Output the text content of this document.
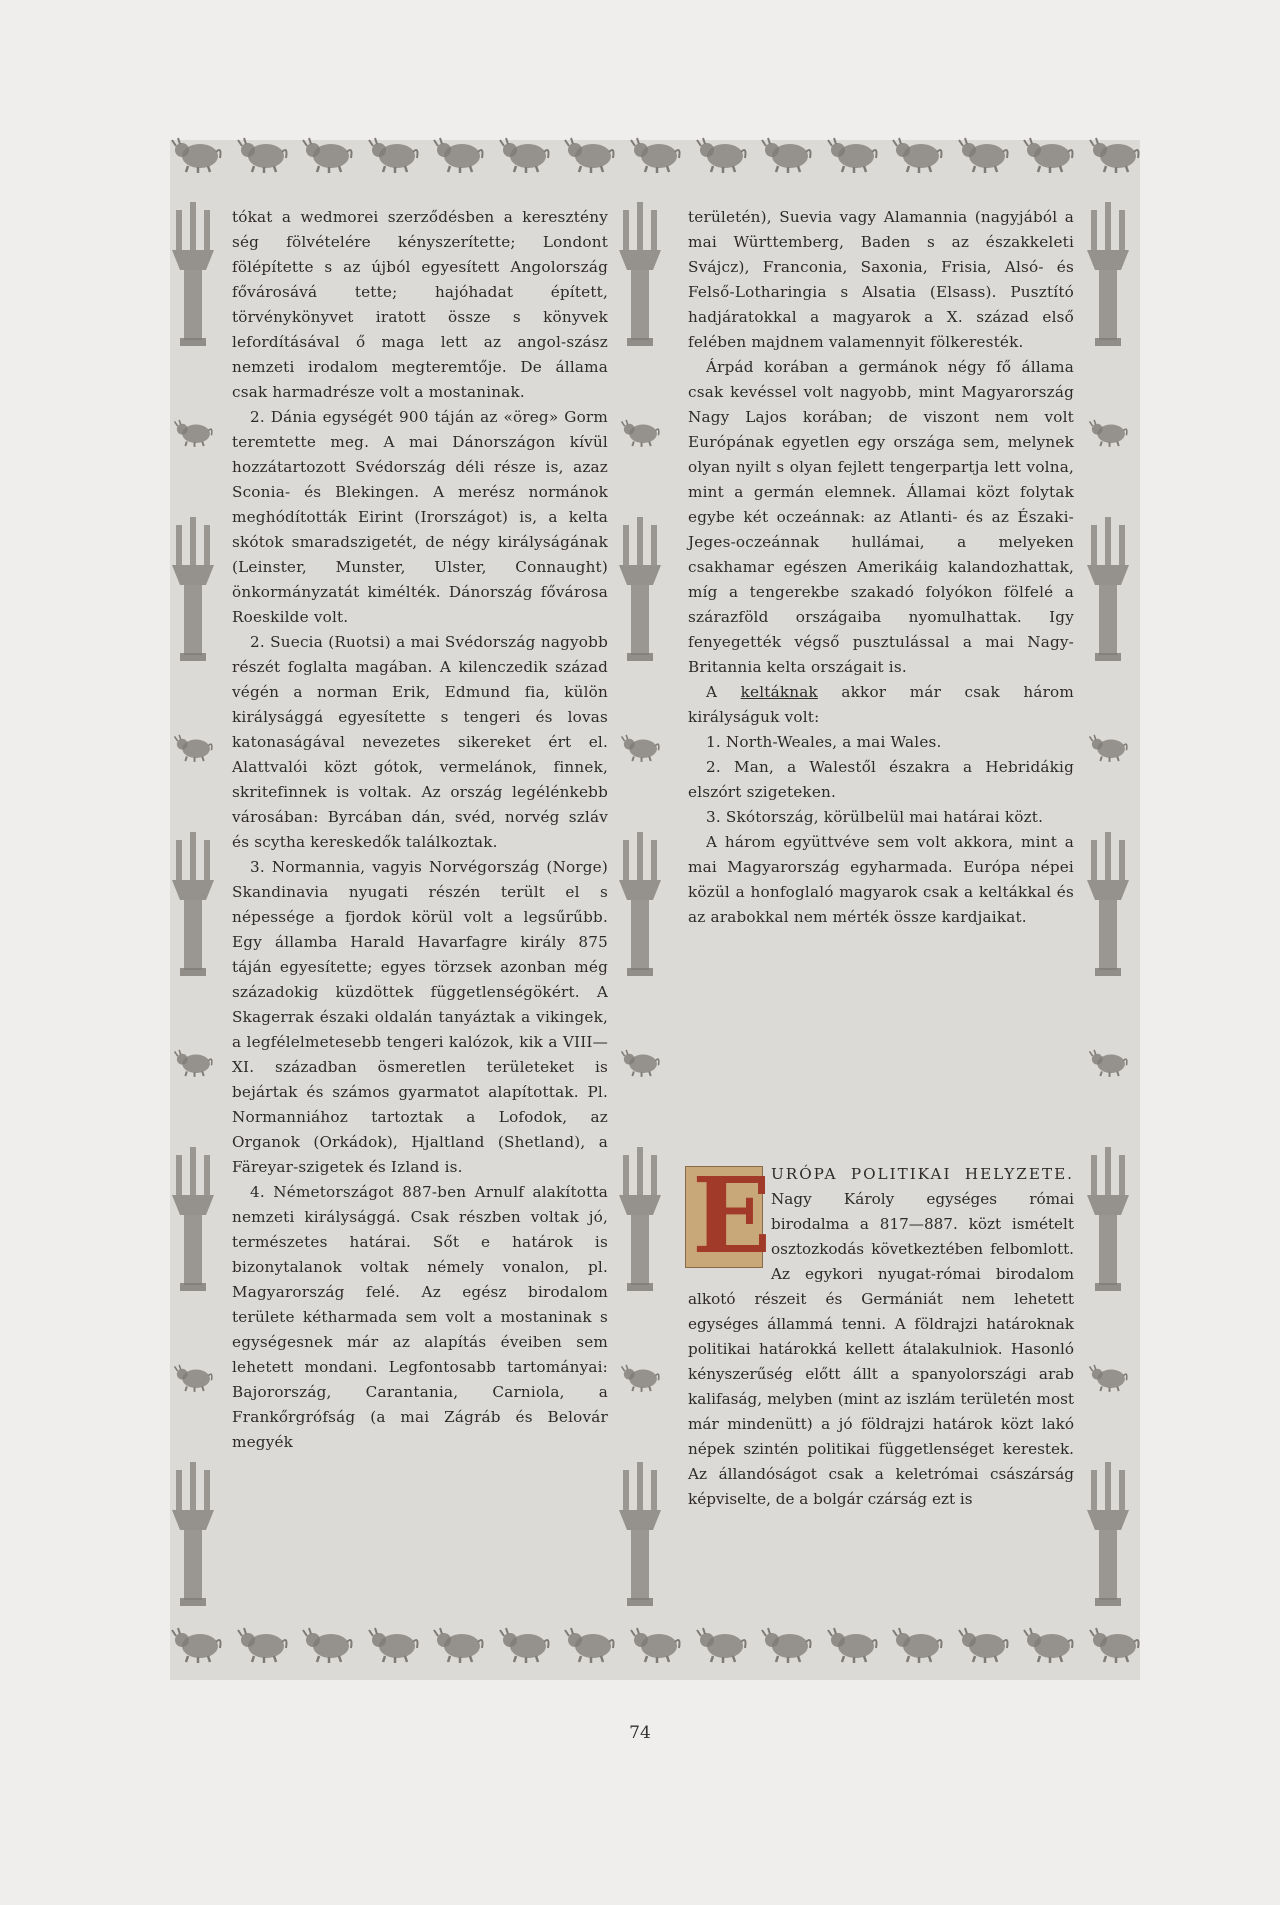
tókat a wedmorei szerződésben a keresztény ség fölvételére kényszerítette; Londont fölépítette s az újból egyesített Angolország fővárosává tette; hajóhadat épített, törvénykönyvet iratott össze s könyvek lefordításával ő maga lett az angol-szász nemzeti irodalom megteremtője. De állama csak harmadrésze volt a mostaninak.

2. Dánia egységét 900 táján az «öreg» Gorm teremtette meg. A mai Dánországon kívül hozzátartozott Svédország déli része is, azaz Sconia- és Blekingen. A merész normánok meghódították Eirint (Irországot) is, a kelta skótok smaradszigetét, de négy királyságának (Leinster, Munster, Ulster, Connaught) önkormányzatát kimélték. Dánország fővárosa Roeskilde volt.

2. Suecia (Ruotsi) a mai Svédország nagyobb részét foglalta magában. A kilenczedik század végén a norman Erik, Edmund fia, külön királysággá egyesítette s tengeri és lovas katonaságával nevezetes sikereket ért el. Alattvalói közt gótok, vermelánok, finnek, skritefinnek is voltak. Az ország legélénkebb városában: Byrcában dán, svéd, norvég szláv és scytha kereskedők találkoztak.

3. Normannia, vagyis Norvégország (Norge) Skandinavia nyugati részén terült el s népessége a fjordok körül volt a legsűrűbb. Egy államba Harald Havarfagre király 875 táján egyesítette; egyes törzsek azonban még századokig küzdöttek függetlenségökért. A Skagerrak északi oldalán tanyáztak a vikingek, a legfélelmetesebb tengeri kalózok, kik a VIII—XI. században ösmeretlen területeket is bejártak és számos gyarmatot alapítottak. Pl. Normanniához tartoztak a Lofodok, az Organok (Orkádok), Hjaltland (Shetland), a Färeyar-szigetek és Izland is.

4. Németországot 887-ben Arnulf alakította nemzeti királysággá. Csak részben voltak jó, természetes határai. Sőt e határok is bizonytalanok voltak némely vonalon, pl. Magyarország felé. Az egész birodalom területe kétharmada sem volt a mostaninak s egységesnek már az alapítás éveiben sem lehetett mondani. Legfontosabb tartományai: Bajorország, Carantania, Carniola, a Frankőrgrófság (a mai Zágráb és Belovár megyék

területén), Suevia vagy Alamannia (nagyjából a mai Württemberg, Baden s az északkeleti Svájcz), Franconia, Saxonia, Frisia, Alsó- és Felső-Lotharingia s Alsatia (Elsass). Pusztító hadjáratokkal a magyarok a X. század első felében majdnem valamennyit fölkeresték.

Árpád korában a germánok négy fő állama csak kevéssel volt nagyobb, mint Magyarország Nagy Lajos korában; de viszont nem volt Európának egyetlen egy országa sem, melynek olyan nyilt s olyan fejlett tengerpartja lett volna, mint a germán elemnek. Államai közt folytak egybe két oczeánnak: az Atlanti- és az Északi-Jeges-oczeánnak hullámai, a melyeken csakhamar egészen Amerikáig kalandozhattak, míg a tengerekbe szakadó folyókon fölfelé a szárazföld országaiba nyomulhattak. Igy fenyegették végső pusztulással a mai Nagy-Britannia kelta országait is.

A keltáknak akkor már csak három királyságuk volt:

1. North-Weales, a mai Wales.

2. Man, a Walestől északra a Hebridákig elszórt szigeteken.

3. Skótország, körülbelül mai határai közt.

A három együttvéve sem volt akkora, mint a mai Magyarország egyharmada. Európa népei közül a honfoglaló magyarok csak a keltákkal és az arabokkal nem mérték össze kardjaikat.

E URÓPA POLITIKAI HELYZETE. Nagy Károly egységes római birodalma a 817—887. közt ismételt osztozkodás következtében felbomlott. Az egykori nyugat-római birodalom alkotó részeit és Germániát nem lehetett egységes állammá tenni. A földrajzi határoknak politikai határokká kellett átalakulniok. Hasonló kényszerűség előtt állt a spanyolországi arab kalifaság, melyben (mint az iszlám területén most már mindenütt) a jó földrajzi határok közt lakó népek szintén politikai függetlenséget kerestek. Az állandóságot csak a keletrómai császárság képviselte, de a bolgár czárság ezt is
74
